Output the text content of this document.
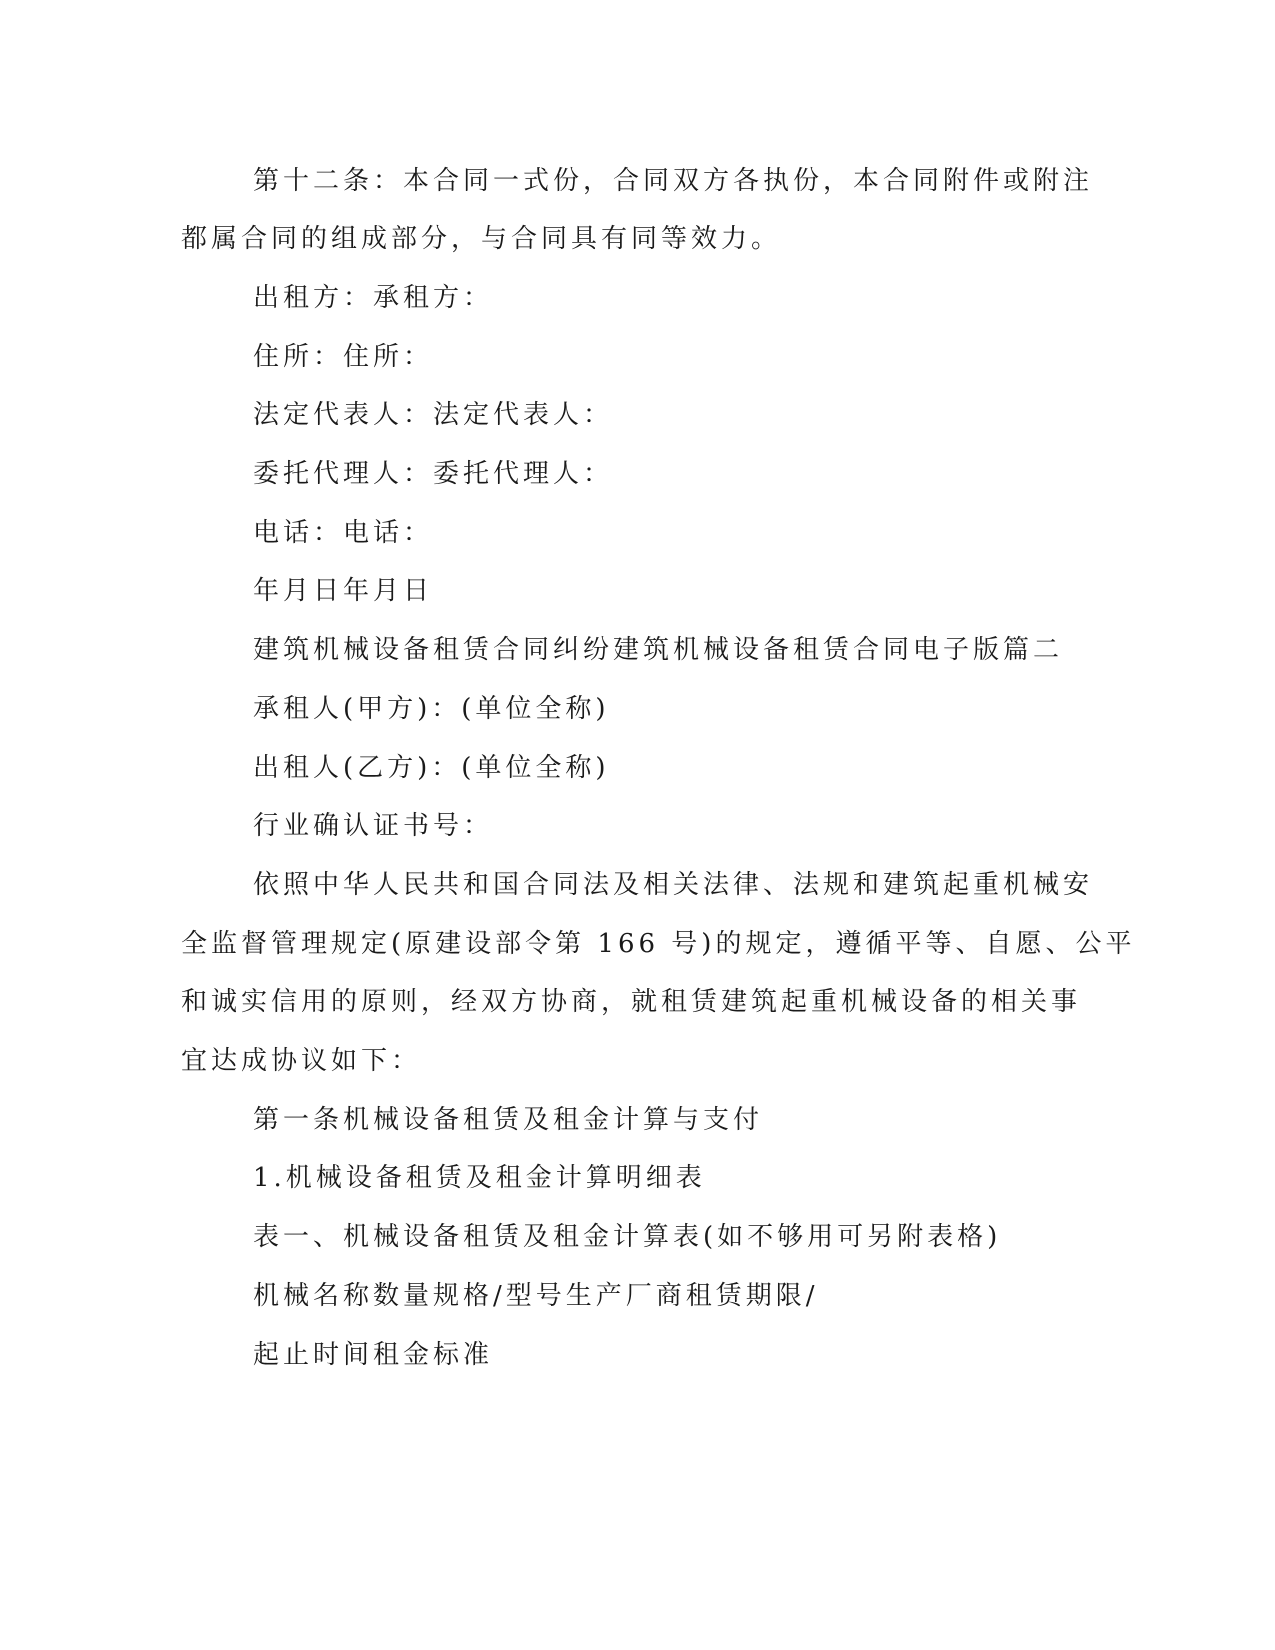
第十二条：本合同一式份，合同双方各执份，本合同附件或附注
都属合同的组成部分，与合同具有同等效力。
出租方：承租方：
住所：住所：
法定代表人：法定代表人：
委托代理人：委托代理人：
电话：电话：
年月日年月日
建筑机械设备租赁合同纠纷建筑机械设备租赁合同电子版篇二
承租人(甲方)：(单位全称)
出租人(乙方)：(单位全称)
行业确认证书号：
依照中华人民共和国合同法及相关法律、法规和建筑起重机械安
全监督管理规定(原建设部令第 166 号)的规定，遵循平等、自愿、公平
和诚实信用的原则，经双方协商，就租赁建筑起重机械设备的相关事
宜达成协议如下：
第一条机械设备租赁及租金计算与支付
1.机械设备租赁及租金计算明细表
表一、机械设备租赁及租金计算表(如不够用可另附表格)
机械名称数量规格/型号生产厂商租赁期限/
起止时间租金标准
